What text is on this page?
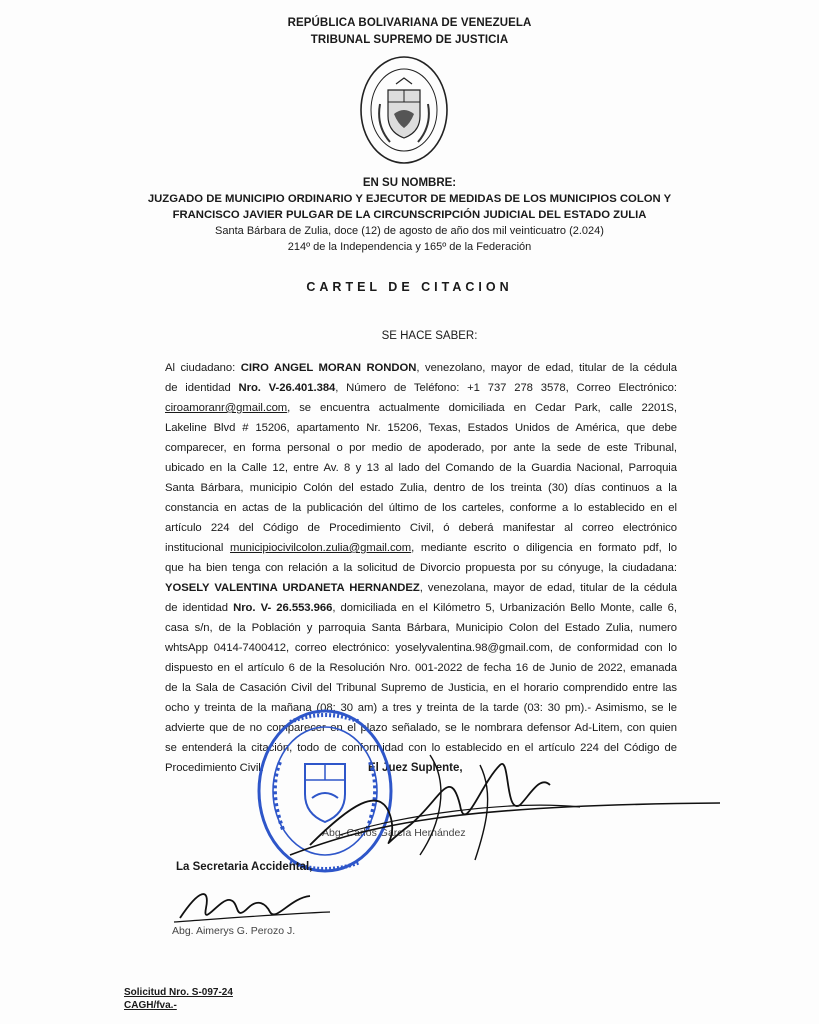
REPÚBLICA BOLIVARIANA DE VENEZUELA
TRIBUNAL SUPREMO DE JUSTICIA
EN SU NOMBRE:
JUZGADO DE MUNICIPIO ORDINARIO Y EJECUTOR DE MEDIDAS DE LOS MUNICIPIOS COLON Y
FRANCISCO JAVIER PULGAR DE LA CIRCUNSCRIPCIÓN JUDICIAL DEL ESTADO ZULIA
Santa Bárbara de Zulia, doce (12) de agosto de año dos mil veinticuatro (2.024)
214º de la Independencia y 165º de la Federación
CARTEL DE CITACION
SE HACE SABER:
Al ciudadano: CIRO ANGEL MORAN RONDON, venezolano, mayor de edad, titular de la cédula
de identidad Nro. V-26.401.384, Número de Teléfono: +1 737 278 3578, Correo Electrónico:
ciroamoranr@gmail.com, se encuentra actualmente domiciliada en Cedar Park, calle 2201S,
Lakeline Blvd # 15206, apartamento Nr. 15206, Texas, Estados Unidos de América, que debe
comparecer, en forma personal o por medio de apoderado, por ante la sede de este Tribunal,
ubicado en la Calle 12, entre Av. 8 y 13 al lado del Comando de la Guardia Nacional, Parroquia
Santa Bárbara, municipio Colón del estado Zulia, dentro de los treinta (30) días continuos a la
constancia en actas de la publicación del último de los carteles, conforme a lo establecido en el
artículo 224 del Código de Procedimiento Civil, ó deberá manifestar al correo electrónico
institucional municipiocivilcolon.zulia@gmail.com, mediante escrito o diligencia en formato pdf, lo
que ha bien tenga con relación a la solicitud de Divorcio propuesta por su cónyuge, la ciudadana:
YOSELY VALENTINA URDANETA HERNANDEZ, venezolana, mayor de edad, titular de la cédula
de identidad Nro. V- 26.553.966, domiciliada en el Kilómetro 5, Urbanización Bello Monte, calle 6,
casa s/n, de la Población y parroquia Santa Bárbara, Municipio Colon del Estado Zulia, numero
whtsApp 0414-7400412, correo electrónico: yoselyvalentina.98@gmail.com, de conformidad con lo
dispuesto en el artículo 6 de la Resolución Nro. 001-2022 de fecha 16 de Junio de 2022, emanada
de la Sala de Casación Civil del Tribunal Supremo de Justicia, en el horario comprendido entre las
ocho y treinta de la mañana (08: 30 am) a tres y treinta de la tarde (03: 30 pm).- Asimismo, se le
advierte que de no comparecer en el plazo señalado, se le nombrara defensor Ad-Litem, con quien
se entenderá la citación, todo de conformidad con lo establecido en el artículo 224 del Código de
Procedimiento Civil.	El Juez Suplente,
Abg. Carlos García Hernández
La Secretaria Accidental,
Abg. Aimerys G. Perozo J.
Solicitud Nro. S-097-24
CAGH/fva.-
